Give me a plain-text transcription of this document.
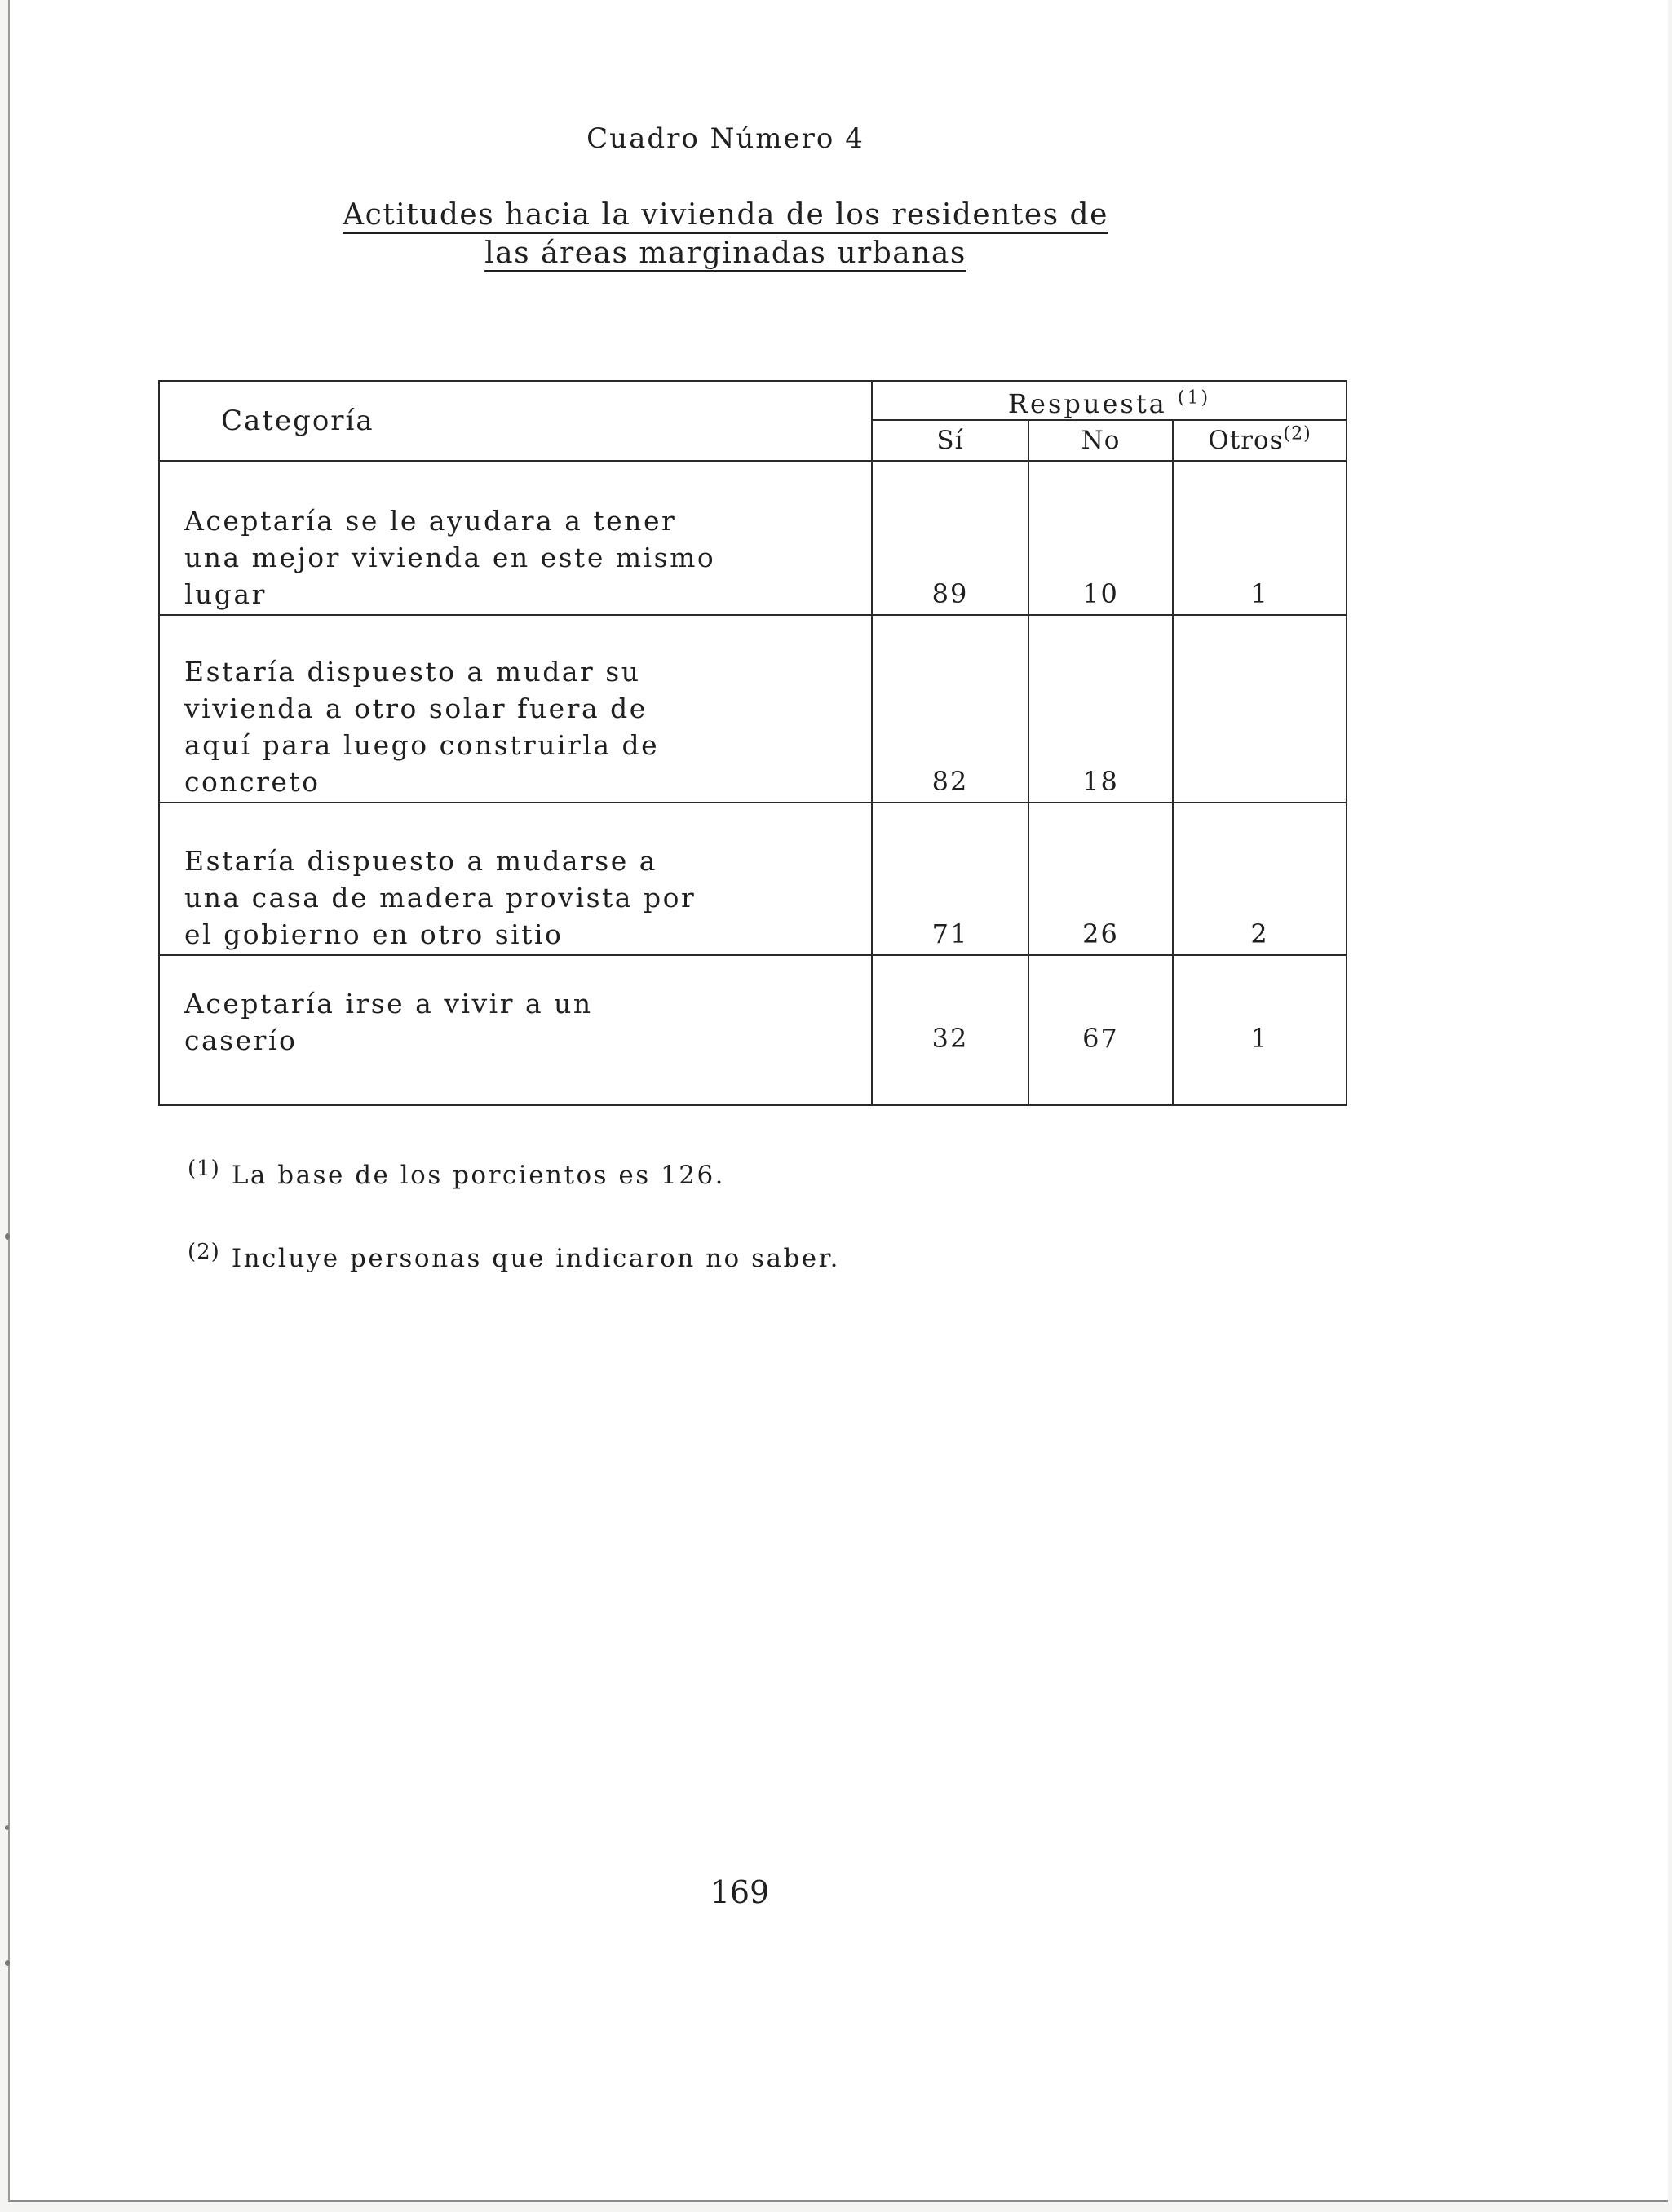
Cuadro Número 4
Actitudes hacia la vivienda de los residentes de
las áreas marginadas urbanas
Categoría	Respuesta $^{(1)}$
	Sí	No	Otros$^{(2)}$

Aceptaría se le ayudara a tener
una mejor vivienda en este mismo
lugar	89	10	1

Estaría dispuesto a mudar su
vivienda a otro solar fuera de
aquí para luego construirla de
concreto	82	18	

Estaría dispuesto a mudarse a
una casa de madera provista por
el gobierno en otro sitio	71	26	2

Aceptaría irse a vivir a un
caserío	32	67	1
$^{(1)}$ La base de los porcientos es 126.
$^{(2)}$ Incluye personas que indicaron no saber.
169
